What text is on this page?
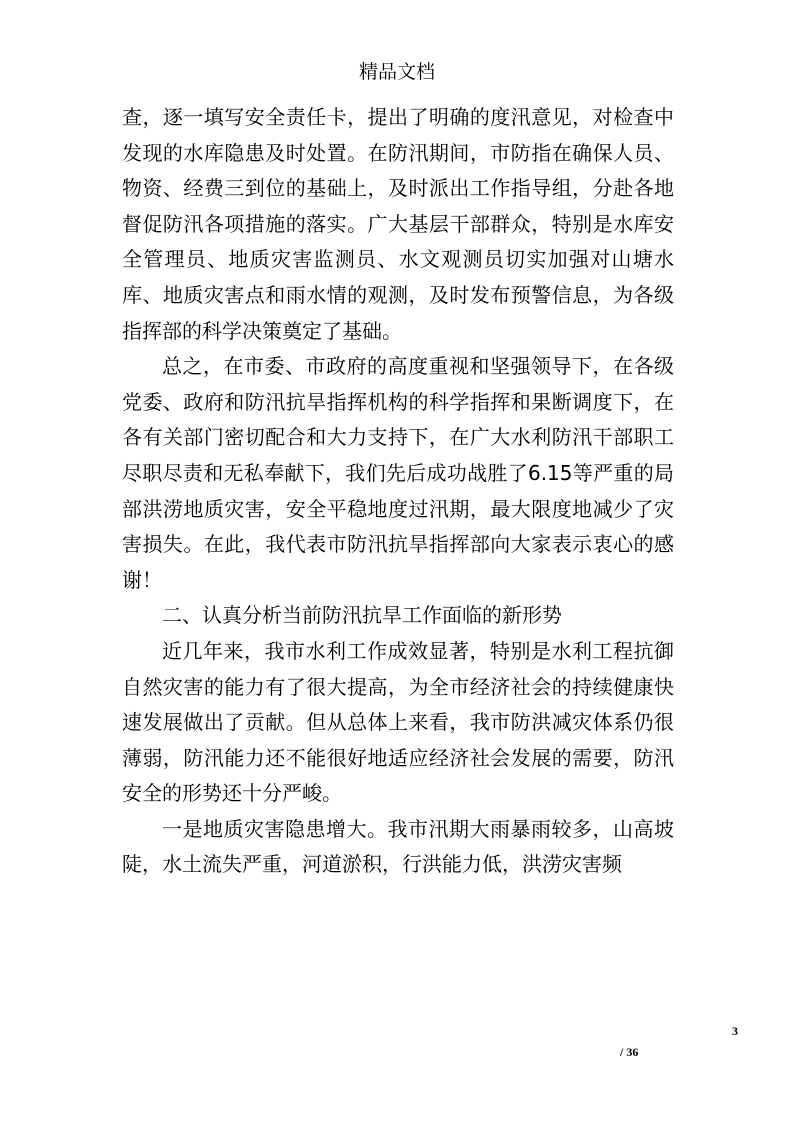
精品文档

查，逐一填写安全责任卡，提出了明确的度汛意见，对检查中发现的水库隐患及时处置。在防汛期间，市防指在确保人员、物资、经费三到位的基础上，及时派出工作指导组，分赴各地督促防汛各项措施的落实。广大基层干部群众，特别是水库安全管理员、地质灾害监测员、水文观测员切实加强对山塘水库、地质灾害点和雨水情的观测，及时发布预警信息，为各级指挥部的科学决策奠定了基础。

总之，在市委、市政府的高度重视和坚强领导下，在各级党委、政府和防汛抗旱指挥机构的科学指挥和果断调度下，在各有关部门密切配合和大力支持下，在广大水利防汛干部职工尽职尽责和无私奉献下，我们先后成功战胜了6.15等严重的局部洪涝地质灾害，安全平稳地度过汛期，最大限度地减少了灾害损失。在此，我代表市防汛抗旱指挥部向大家表示衷心的感谢！

二、认真分析当前防汛抗旱工作面临的新形势

近几年来，我市水利工作成效显著，特别是水利工程抗御自然灾害的能力有了很大提高，为全市经济社会的持续健康快速发展做出了贡献。但从总体上来看，我市防洪减灾体系仍很薄弱，防汛能力还不能很好地适应经济社会发展的需要，防汛安全的形势还十分严峻。

一是地质灾害隐患增大。我市汛期大雨暴雨较多，山高坡陡，水土流失严重，河道淤积，行洪能力低，洪涝灾害频

3
/ 36
